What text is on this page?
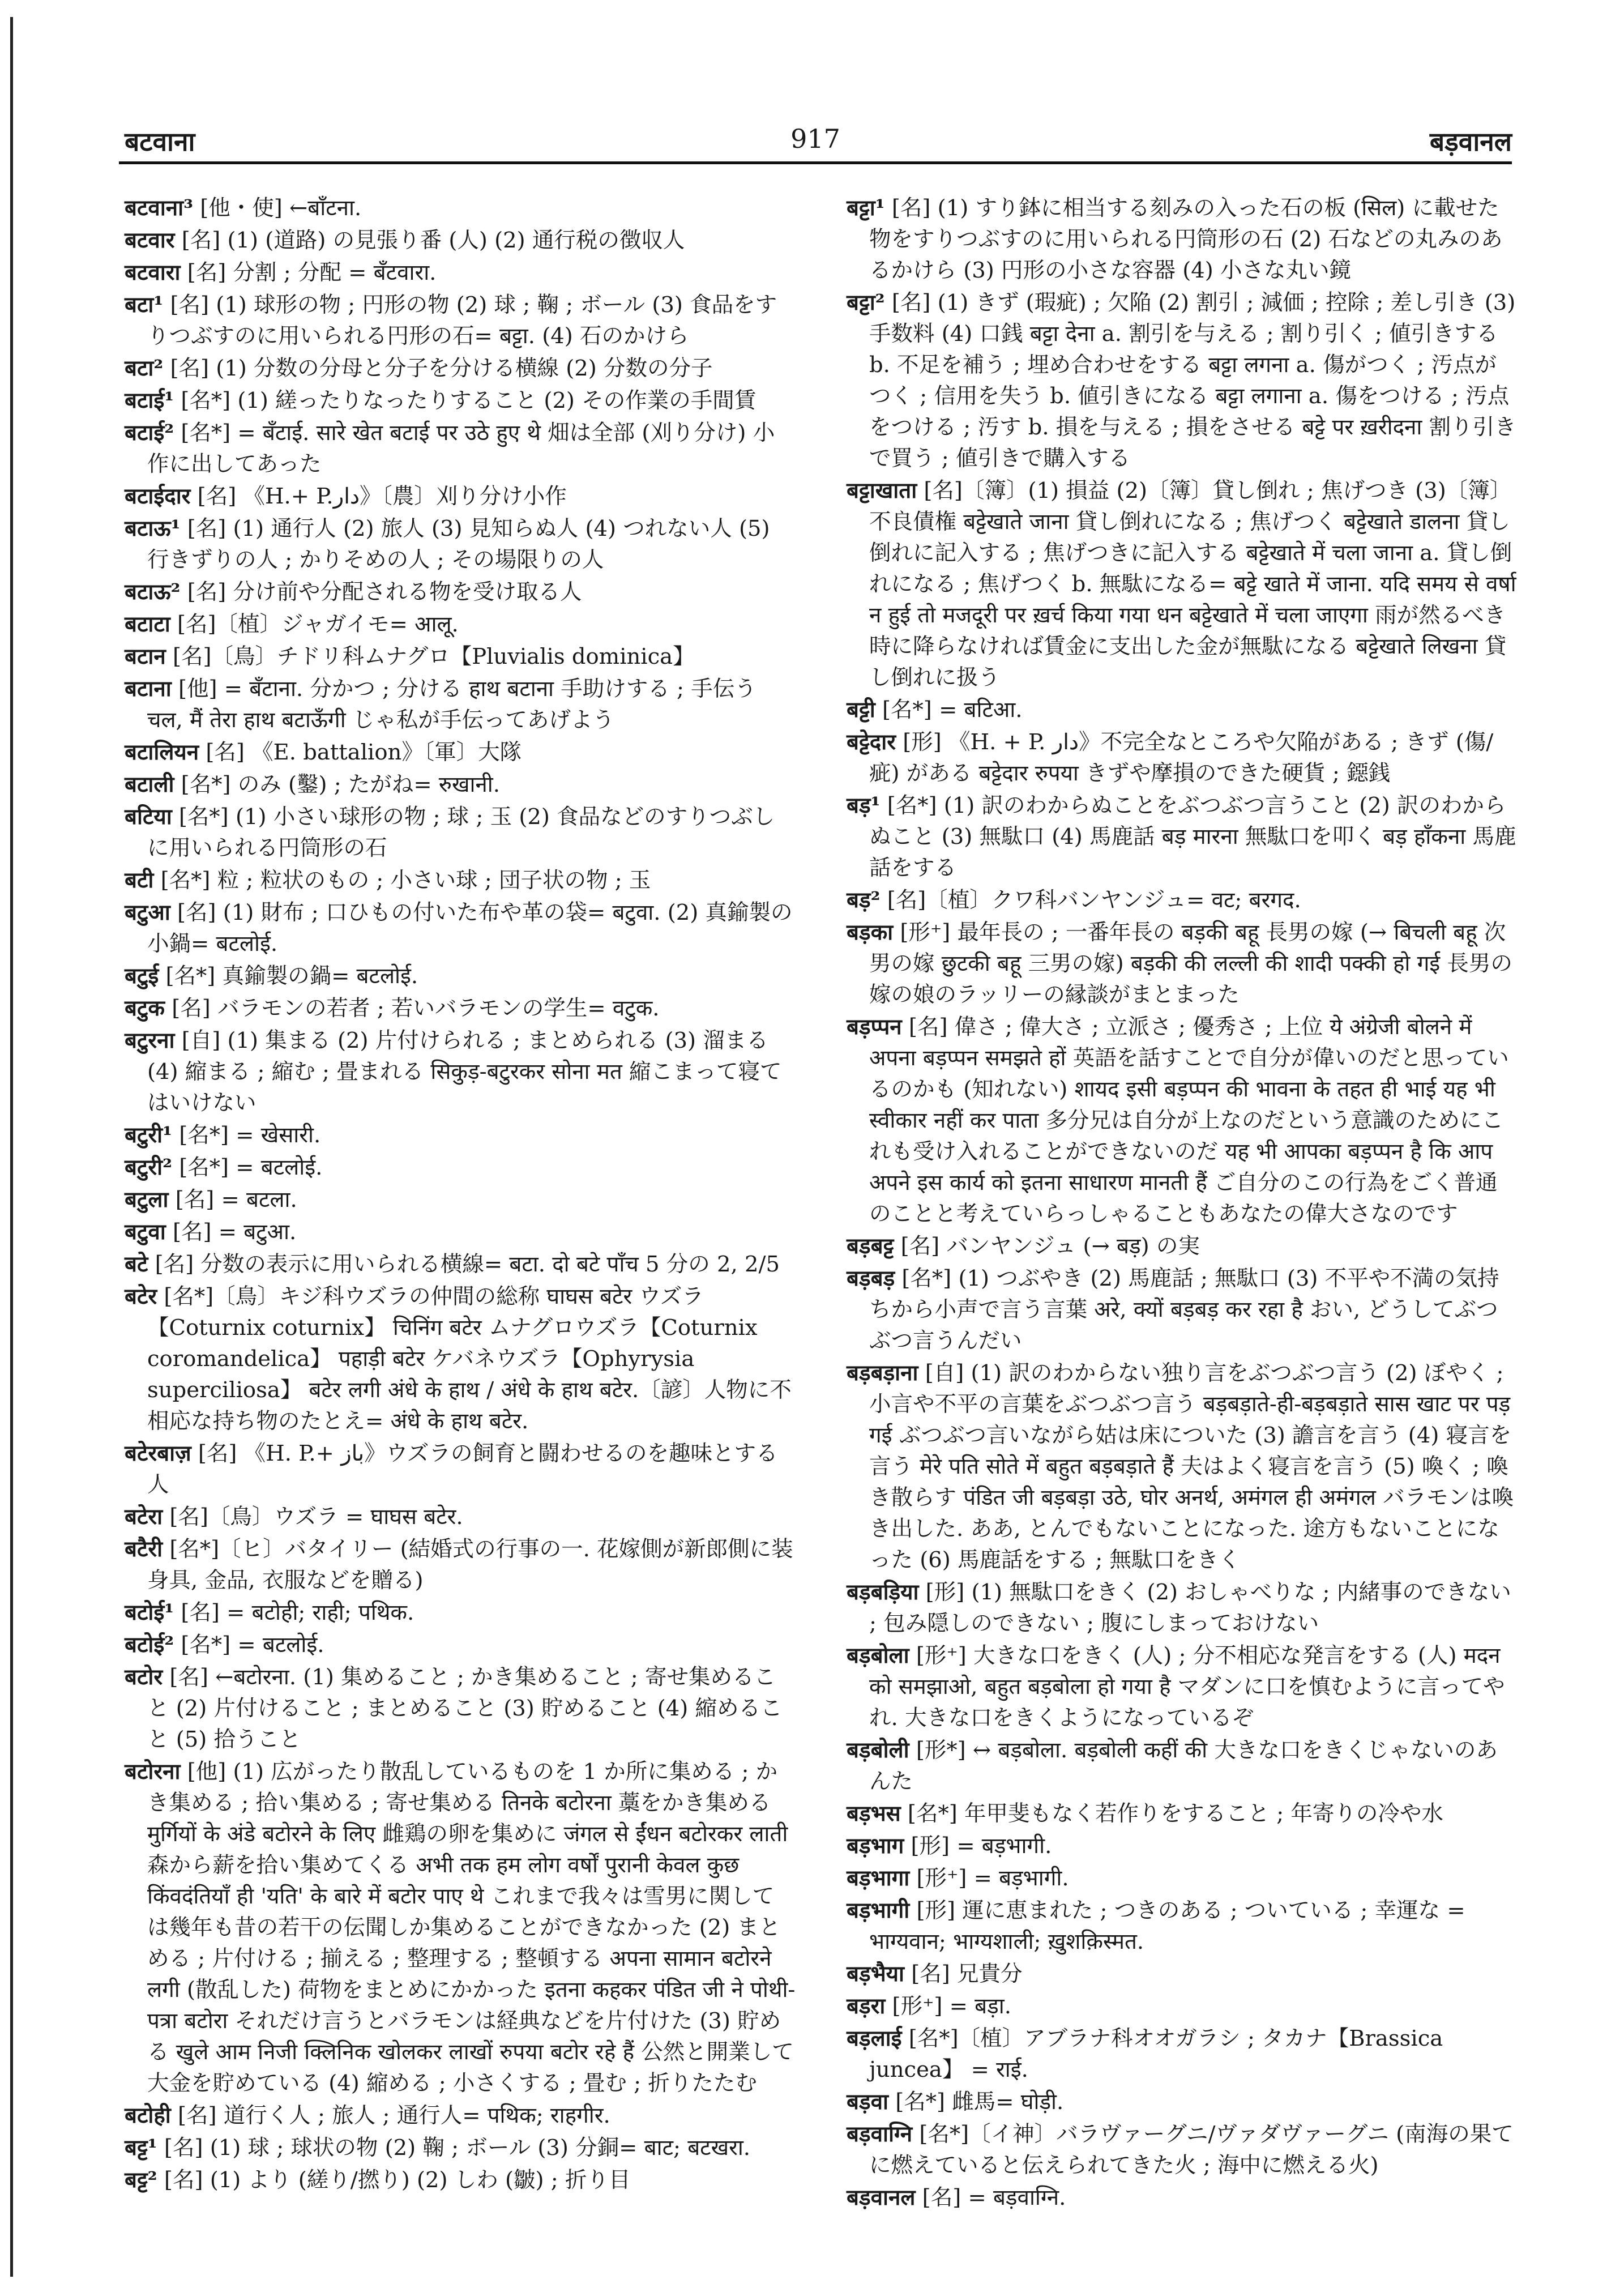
बटवाना	917	बड़वानल
बटवाना³ [他・使] ←बाँटना.
बटवार [名] (1) (道路) の見張り番 (人) (2) 通行税の徴収人
बटवारा [名] 分割 ; 分配 = बँटवारा.
बटा¹ [名] (1) 球形の物 ; 円形の物 (2) 球 ; 鞠 ; ボール (3) 食品をすりつぶすのに用いられる円形の石= बट्टा. (4) 石のかけら
बटा² [名] (1) 分数の分母と分子を分ける横線 (2) 分数の分子
बटाई¹ [名*] (1) 縒ったりなったりすること (2) その作業の手間賃
बटाई² [名*] = बँटाई. सारे खेत बटाई पर उठे हुए थे 畑は全部 (刈り分け) 小作に出してあった
बटाईदार [名] 《H.+ P.دار》〔農〕刈り分け小作
बटाऊ¹ [名] (1) 通行人 (2) 旅人 (3) 見知らぬ人 (4) つれない人 (5) 行きずりの人 ; かりそめの人 ; その場限りの人
बटाऊ² [名] 分け前や分配される物を受け取る人
बटाटा [名]〔植〕ジャガイモ= आलू.
बटान [名]〔鳥〕チドリ科ムナグロ【Pluvialis dominica】
बटाना [他] = बँटाना. 分かつ ; 分ける हाथ बटाना 手助けする ; 手伝う चल, मैं तेरा हाथ बटाऊँगी じゃ私が手伝ってあげよう
बटालियन [名] 《E. battalion》〔軍〕大隊
बटाली [名*] のみ (鑿) ; たがね= रुखानी.
बटिया [名*] (1) 小さい球形の物 ; 球 ; 玉 (2) 食品などのすりつぶしに用いられる円筒形の石
बटी [名*] 粒 ; 粒状のもの ; 小さい球 ; 団子状の物 ; 玉
बटुआ [名] (1) 財布 ; 口ひもの付いた布や革の袋= बटुवा. (2) 真鍮製の小鍋= बटलोई.
बटुई [名*] 真鍮製の鍋= बटलोई.
बटुक [名] バラモンの若者 ; 若いバラモンの学生= वटुक.
बटुरना [自] (1) 集まる (2) 片付けられる ; まとめられる (3) 溜まる (4) 縮まる ; 縮む ; 畳まれる सिकुड़-बटुरकर सोना मत 縮こまって寝てはいけない
बटुरी¹ [名*] = खेसारी.
बटुरी² [名*] = बटलोई.
बटुला [名] = बटला.
बटुवा [名] = बटुआ.
बटे [名] 分数の表示に用いられる横線= बटा. दो बटे पाँच 5 分の 2, 2/5
बटेर [名*]〔鳥〕キジ科ウズラの仲間の総称 घाघस बटेर ウズラ【Coturnix coturnix】 चिनिंग बटेर ムナグロウズラ【Coturnix coromandelica】 पहाड़ी बटेर ケバネウズラ【Ophyrysia superciliosa】 बटेर लगी अंधे के हाथ / अंधे के हाथ बटेर.〔諺〕人物に不相応な持ち物のたとえ= अंधे के हाथ बटेर.
बटेरबाज़ [名] 《H. P.+ باز》ウズラの飼育と闘わせるのを趣味とする人
बटेरा [名]〔鳥〕ウズラ = घाघस बटेर.
बटैरी [名*]〔ヒ〕バタイリー (結婚式の行事の一. 花嫁側が新郎側に装身具, 金品, 衣服などを贈る)
बटोई¹ [名] = बटोही; राही; पथिक.
बटोई² [名*] = बटलोई.
बटोर [名] ←बटोरना. (1) 集めること ; かき集めること ; 寄せ集めること (2) 片付けること ; まとめること (3) 貯めること (4) 縮めること (5) 拾うこと
बटोरना [他] (1) 広がったり散乱しているものを 1 か所に集める ; かき集める ; 拾い集める ; 寄せ集める तिनके बटोरना 藁をかき集める मुर्गियों के अंडे बटोरने के लिए 雌鶏の卵を集めに जंगल से ईंधन बटोरकर लाती 森から薪を拾い集めてくる अभी तक हम लोग वर्षों पुरानी केवल कुछ किंवदंतियाँ ही 'यति' के बारे में बटोर पाए थे これまで我々は雪男に関しては幾年も昔の若干の伝聞しか集めることができなかった (2) まとめる ; 片付ける ; 揃える ; 整理する ; 整頓する अपना सामान बटोरने लगी (散乱した) 荷物をまとめにかかった इतना कहकर पंडित जी ने पोथी-पत्रा बटोरा それだけ言うとバラモンは経典などを片付けた (3) 貯める खुले आम निजी क्लिनिक खोलकर लाखों रुपया बटोर रहे हैं 公然と開業して大金を貯めている (4) 縮める ; 小さくする ; 畳む ; 折りたたむ
बटोही [名] 道行く人 ; 旅人 ; 通行人= पथिक; राहगीर.
बट्ट¹ [名] (1) 球 ; 球状の物 (2) 鞠 ; ボール (3) 分銅= बाट; बटखरा.
बट्ट² [名] (1) より (縒り/撚り) (2) しわ (皺) ; 折り目
बट्टा¹ [名] (1) すり鉢に相当する刻みの入った石の板 (सिल) に載せた物をすりつぶすのに用いられる円筒形の石 (2) 石などの丸みのあるかけら (3) 円形の小さな容器 (4) 小さな丸い鏡
बट्टा² [名] (1) きず (瑕疵) ; 欠陥 (2) 割引 ; 減価 ; 控除 ; 差し引き (3) 手数料 (4) 口銭 बट्टा देना a. 割引を与える ; 割り引く ; 値引きする b. 不足を補う ; 埋め合わせをする बट्टा लगना a. 傷がつく ; 汚点がつく ; 信用を失う b. 値引きになる बट्टा लगाना a. 傷をつける ; 汚点をつける ; 汚す b. 損を与える ; 損をさせる बट्टे पर ख़रीदना 割り引きで買う ; 値引きで購入する
बट्टाखाता [名]〔簿〕(1) 損益 (2)〔簿〕貸し倒れ ; 焦げつき (3)〔簿〕不良債権 बट्टेखाते जाना 貸し倒れになる ; 焦げつく बट्टेखाते डालना 貸し倒れに記入する ; 焦げつきに記入する बट्टेखाते में चला जाना a. 貸し倒れになる ; 焦げつく b. 無駄になる= बट्टे खाते में जाना. यदि समय से वर्षा न हुई तो मजदूरी पर ख़र्च किया गया धन बट्टेखाते में चला जाएगा 雨が然るべき時に降らなければ賃金に支出した金が無駄になる बट्टेखाते लिखना 貸し倒れに扱う
बट्टी [名*] = बटिआ.
बट्टेदार [形] 《H. + P. دار》不完全なところや欠陥がある ; きず (傷/疵) がある बट्टेदार रुपया きずや摩損のできた硬貨 ; 鐚銭
बड़¹ [名*] (1) 訳のわからぬことをぶつぶつ言うこと (2) 訳のわからぬこと (3) 無駄口 (4) 馬鹿話 बड़ मारना 無駄口を叩く बड़ हाँकना 馬鹿話をする
बड़² [名]〔植〕クワ科バンヤンジュ= वट; बरगद.
बड़का [形⁺] 最年長の ; 一番年長の बड़की बहू 長男の嫁 (→ बिचली बहू 次男の嫁 छुटकी बहू 三男の嫁) बड़की की लल्ली की शादी पक्की हो गई 長男の嫁の娘のラッリーの縁談がまとまった
बड़प्पन [名] 偉さ ; 偉大さ ; 立派さ ; 優秀さ ; 上位 ये अंग्रेजी बोलने में अपना बड़प्पन समझते हों 英語を話すことで自分が偉いのだと思っているのかも (知れない) शायद इसी बड़प्पन की भावना के तहत ही भाई यह भी स्वीकार नहीं कर पाता 多分兄は自分が上なのだという意識のためにこれも受け入れることができないのだ यह भी आपका बड़प्पन है कि आप अपने इस कार्य को इतना साधारण मानती हैं ご自分のこの行為をごく普通のことと考えていらっしゃることもあなたの偉大さなのです
बड़बट्ट [名] バンヤンジュ (→ बड़) の実
बड़बड़ [名*] (1) つぶやき (2) 馬鹿話 ; 無駄口 (3) 不平や不満の気持ちから小声で言う言葉 अरे, क्यों बड़बड़ कर रहा है おい, どうしてぶつぶつ言うんだい
बड़बड़ाना [自] (1) 訳のわからない独り言をぶつぶつ言う (2) ぼやく ; 小言や不平の言葉をぶつぶつ言う बड़बड़ाते-ही-बड़बड़ाते सास खाट पर पड़ गई ぶつぶつ言いながら姑は床についた (3) 譫言を言う (4) 寝言を言う मेरे पति सोते में बहुत बड़बड़ाते हैं 夫はよく寝言を言う (5) 喚く ; 喚き散らす पंडित जी बड़बड़ा उठे, घोर अनर्थ, अमंगल ही अमंगल バラモンは喚き出した. ああ, とんでもないことになった. 途方もないことになった (6) 馬鹿話をする ; 無駄口をきく
बड़बड़िया [形] (1) 無駄口をきく (2) おしゃべりな ; 内緒事のできない ; 包み隠しのできない ; 腹にしまっておけない
बड़बोला [形⁺] 大きな口をきく (人) ; 分不相応な発言をする (人) मदन को समझाओ, बहुत बड़बोला हो गया है マダンに口を慎むように言ってやれ. 大きな口をきくようになっているぞ
बड़बोली [形*] ↔ बड़बोला. बड़बोली कहीं की 大きな口をきくじゃないのあんた
बड़भस [名*] 年甲斐もなく若作りをすること ; 年寄りの冷や水
बड़भाग [形] = बड़भागी.
बड़भागा [形⁺] = बड़भागी.
बड़भागी [形] 運に恵まれた ; つきのある ; ついている ; 幸運な = भाग्यवान; भाग्यशाली; ख़ुशक़िस्मत.
बड़भैया [名] 兄貴分
बड़रा [形⁺] = बड़ा.
बड़लाई [名*]〔植〕アブラナ科オオガラシ ; タカナ【Brassica juncea】 = राई.
बड़वा [名*] 雌馬= घोड़ी.
बड़वाग्नि [名*]〔イ神〕バラヴァーグニ/ヴァダヴァーグニ (南海の果てに燃えていると伝えられてきた火 ; 海中に燃える火)
बड़वानल [名] = बड़वाग्नि.
